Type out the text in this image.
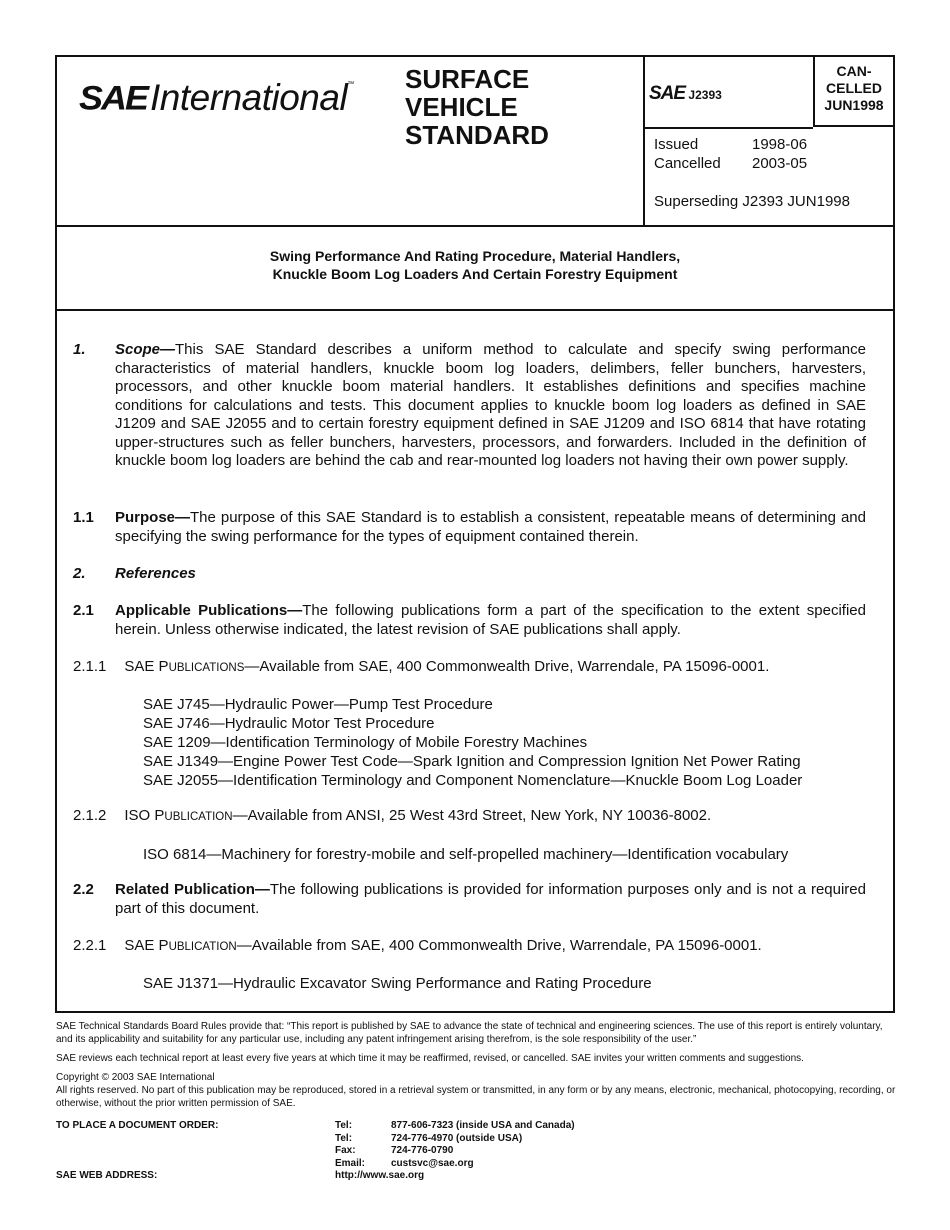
SAEInternational™ SURFACE
VEHICLE
STANDARD
SAE J2393
CAN-
CELLED
JUN1998
Issued	1998-06
Cancelled 2003-05
Superseding J2393 JUN1998
Swing Performance And Rating Procedure, Material Handlers,
Knuckle Boom Log Loaders And Certain Forestry Equipment
1. Scope—This SAE Standard describes a uniform method to calculate and specify swing performance characteristics of material handlers, knuckle boom log loaders, delimbers, feller bunchers, harvesters, processors, and other knuckle boom material handlers. It establishes definitions and specifies machine conditions for calculations and tests. This document applies to knuckle boom log loaders as defined in SAE J1209 and SAE J2055 and to certain forestry equipment defined in SAE J1209 and ISO 6814 that have rotating upper-structures such as feller bunchers, harvesters, processors, and forwarders. Included in the definition of knuckle boom log loaders are behind the cab and rear-mounted log loaders not having their own power supply.
1.1 Purpose—The purpose of this SAE Standard is to establish a consistent, repeatable means of determining and specifying the swing performance for the types of equipment contained therein.
2. References
2.1 Applicable Publications—The following publications form a part of the specification to the extent specified herein. Unless otherwise indicated, the latest revision of SAE publications shall apply.
2.1.1 SAE PUBLICATIONS—Available from SAE, 400 Commonwealth Drive, Warrendale, PA 15096-0001.
SAE J745—Hydraulic Power—Pump Test Procedure
SAE J746—Hydraulic Motor Test Procedure
SAE 1209—Identification Terminology of Mobile Forestry Machines
SAE J1349—Engine Power Test Code—Spark Ignition and Compression Ignition Net Power Rating
SAE J2055—Identification Terminology and Component Nomenclature—Knuckle Boom Log Loader
2.1.2 ISO PUBLICATION—Available from ANSI, 25 West 43rd Street, New York, NY 10036-8002.
ISO 6814—Machinery for forestry-mobile and self-propelled machinery—Identification vocabulary
2.2 Related Publication—The following publications is provided for information purposes only and is not a required part of this document.
2.2.1 SAE PUBLICATION—Available from SAE, 400 Commonwealth Drive, Warrendale, PA 15096-0001.
SAE J1371—Hydraulic Excavator Swing Performance and Rating Procedure
SAE Technical Standards Board Rules provide that: “This report is published by SAE to advance the state of technical and engineering sciences. The use of this report is entirely voluntary, and its applicability and suitability for any particular use, including any patent infringement arising therefrom, is the sole responsibility of the user.”
SAE reviews each technical report at least every five years at which time it may be reaffirmed, revised, or cancelled. SAE invites your written comments and suggestions.
Copyright © 2003 SAE International
All rights reserved. No part of this publication may be reproduced, stored in a retrieval system or transmitted, in any form or by any means, electronic, mechanical, photocopying, recording, or otherwise, without the prior written permission of SAE.
TO PLACE A DOCUMENT ORDER:
SAE WEB ADDRESS:
Tel:	877-606-7323 (inside USA and Canada)
Tel:	724-776-4970 (outside USA)
Fax:	724-776-0790
Email:	custsvc@sae.org
http://www.sae.org
